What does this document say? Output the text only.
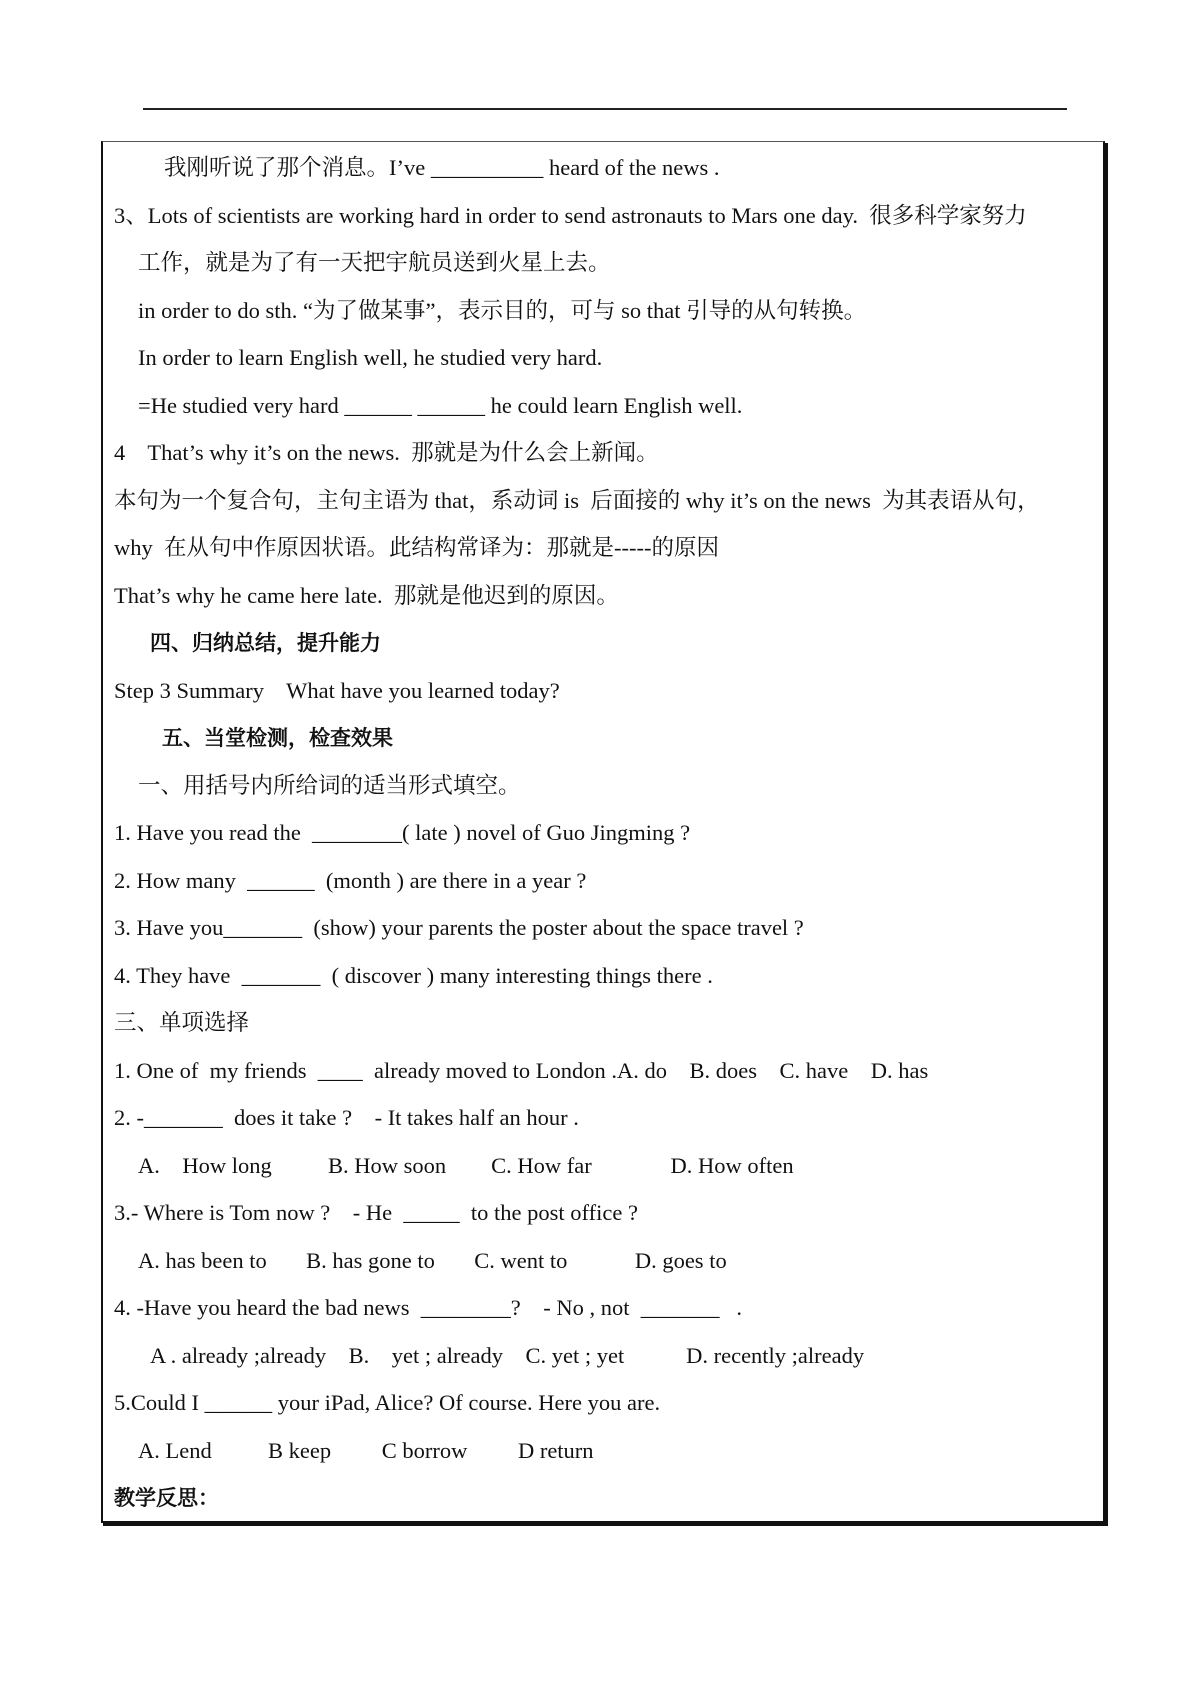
我刚听说了那个消息。I’ve __________ heard of the news .
3、Lots of scientists are working hard in order to send astronauts to Mars one day.  很多科学家努力
工作，就是为了有一天把宇航员送到火星上去。
in order to do sth. “为了做某事”，表示目的，可与 so that 引导的从句转换。
In order to learn English well, he studied very hard.
=He studied very hard ______ ______ he could learn English well.
4    That’s why it’s on the news.  那就是为什么会上新闻。
本句为一个复合句，主句主语为 that，系动词 is  后面接的 why it’s on the news  为其表语从句，
why  在从句中作原因状语。此结构常译为：那就是-----的原因
That’s why he came here late.  那就是他迟到的原因。
四、归纳总结，提升能力
Step 3 Summary    What have you learned today?
五、当堂检测，检查效果
一、用括号内所给词的适当形式填空。
1. Have you read the  ________( late ) novel of Guo Jingming ?
2. How many  ______  (month ) are there in a year ?
3. Have you_______  (show) your parents the poster about the space travel ?
4. They have  _______  ( discover ) many interesting things there .
三、单项选择
1. One of  my friends  ____  already moved to London .A. do    B. does    C. have    D. has
2. -_______  does it take ?    - It takes half an hour .
A.    How long          B. How soon        C. How far              D. How often
3.- Where is Tom now ?    - He  _____  to the post office ?
A. has been to       B. has gone to       C. went to            D. goes to
4. -Have you heard the bad news  ________?    - No , not  _______   .
A . already ;already    B.    yet ; already    C. yet ; yet           D. recently ;already
5.Could I ______ your iPad, Alice? Of course. Here you are.
A. Lend          B keep         C borrow         D return
教学反思：
